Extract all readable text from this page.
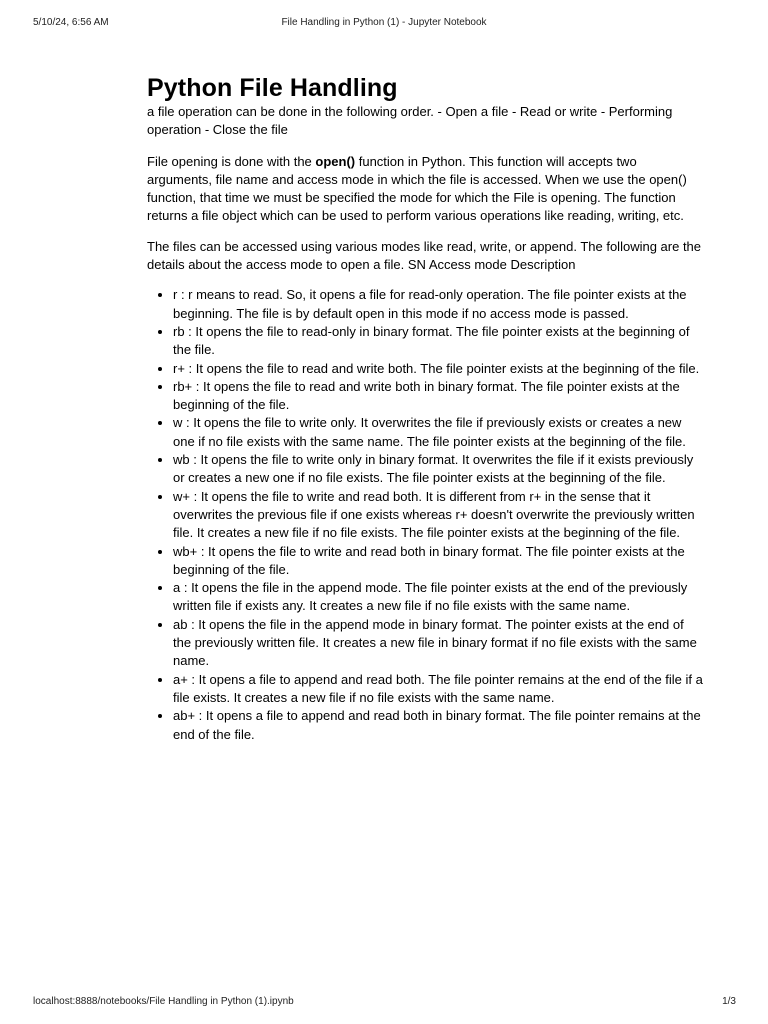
5/10/24, 6:56 AM	File Handling in Python (1) - Jupyter Notebook
Python File Handling

a file operation can be done in the following order. - Open a file - Read or write - Performing operation - Close the file

File opening is done with the open() function in Python. This function will accepts two arguments, file name and access mode in which the file is accessed. When we use the open() function, that time we must be specified the mode for which the File is opening. The function returns a file object which can be used to perform various operations like reading, writing, etc.

The files can be accessed using various modes like read, write, or append. The following are the details about the access mode to open a file. SN Access mode Description

• r : r means to read. So, it opens a file for read-only operation. The file pointer exists at the beginning. The file is by default open in this mode if no access mode is passed.
• rb : It opens the file to read-only in binary format. The file pointer exists at the beginning of the file.
• r+ : It opens the file to read and write both. The file pointer exists at the beginning of the file.
• rb+ : It opens the file to read and write both in binary format. The file pointer exists at the beginning of the file.
• w : It opens the file to write only. It overwrites the file if previously exists or creates a new one if no file exists with the same name. The file pointer exists at the beginning of the file.
• wb : It opens the file to write only in binary format. It overwrites the file if it exists previously or creates a new one if no file exists. The file pointer exists at the beginning of the file.
• w+ : It opens the file to write and read both. It is different from r+ in the sense that it overwrites the previous file if one exists whereas r+ doesn't overwrite the previously written file. It creates a new file if no file exists. The file pointer exists at the beginning of the file.
• wb+ : It opens the file to write and read both in binary format. The file pointer exists at the beginning of the file.
• a : It opens the file in the append mode. The file pointer exists at the end of the previously written file if exists any. It creates a new file if no file exists with the same name.
• ab : It opens the file in the append mode in binary format. The pointer exists at the end of the previously written file. It creates a new file in binary format if no file exists with the same name.
• a+ : It opens a file to append and read both. The file pointer remains at the end of the file if a file exists. It creates a new file if no file exists with the same name.
• ab+ : It opens a file to append and read both in binary format. The file pointer remains at the end of the file.
localhost:8888/notebooks/File Handling in Python (1).ipynb	1/3
